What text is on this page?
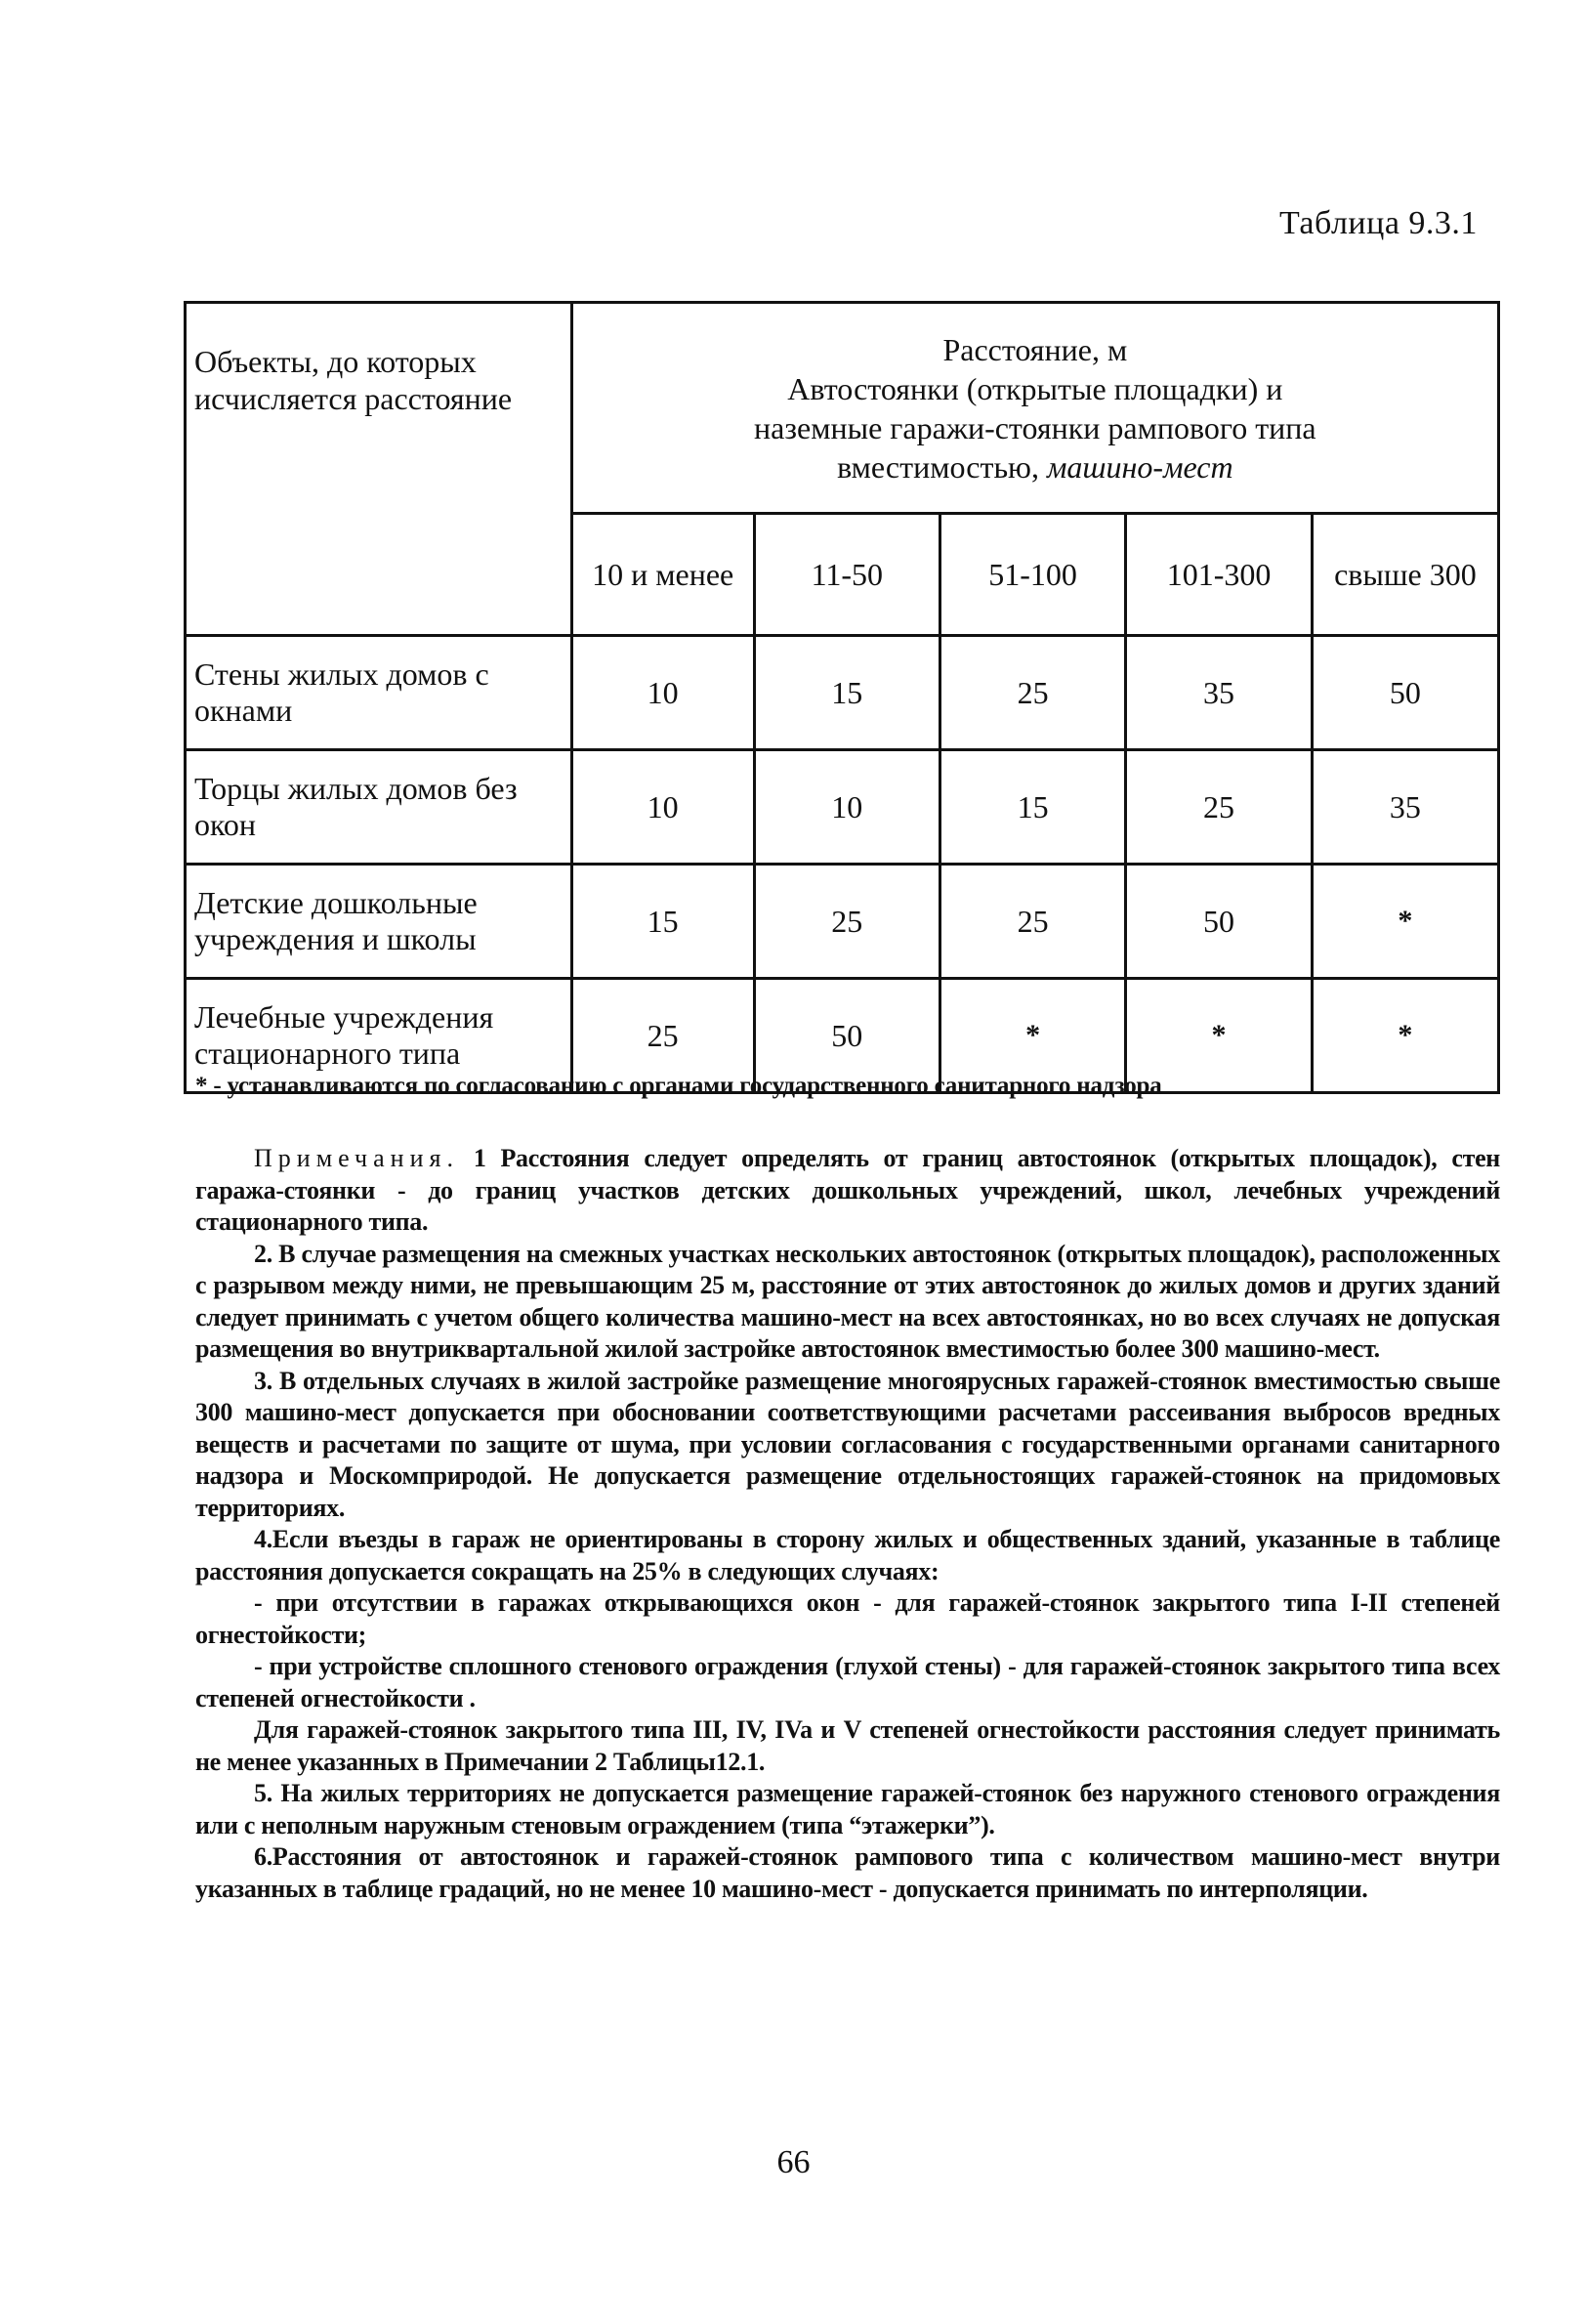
Таблица 9.3.1
Объекты, до которых исчисляется расстояние	Расстояние, м
Автостоянки (открытые площадки) и
наземные гаражи-стоянки рампового типа
вместимостью, машино-мест				

	10 и менее	11-50	51-100	101-300	свыше 300
Стены жилых домов с окнами	10	15	25	35	50
Торцы жилых домов без окон	10	10	15	25	35
Детские дошкольные учреждения и школы	15	25	25	50	*
Лечебные учреждения стационарного типа	25	50	*	*	*
* - устанавливаются по согласованию с органами государственного санитарного надзора

Примечания. 1 Расстояния следует определять от границ автостоянок (открытых площадок), стен гаража-стоянки - до границ участков детских дошкольных учреждений, школ, лечебных учреждений стационарного типа.

2. В случае размещения на смежных участках нескольких автостоянок (открытых площадок), расположенных с разрывом между ними, не превышающим 25 м, расстояние от этих автостоянок до жилых домов и других зданий следует принимать с учетом общего количества машино-мест на всех автостоянках, но во всех случаях не допуская размещения во внутриквартальной жилой застройке автостоянок вместимостью более 300 машино-мест.

3. В отдельных случаях в жилой застройке размещение многоярусных гаражей-стоянок вместимостью свыше 300 машино-мест допускается при обосновании соответствующими расчетами рассеивания выбросов вредных веществ и расчетами по защите от шума, при условии согласования с государственными органами санитарного надзора и Москомприродой. Не допускается размещение отдельностоящих гаражей-стоянок на придомовых территориях.

4.Если въезды в гараж не ориентированы в сторону жилых и общественных зданий, указанные в таблице расстояния допускается сокращать на 25% в следующих случаях:

- при отсутствии в гаражах открывающихся окон - для гаражей-стоянок закрытого типа I-II степеней огнестойкости;

- при устройстве сплошного стенового ограждения (глухой стены) - для гаражей-стоянок закрытого типа всех степеней огнестойкости .

Для гаражей-стоянок закрытого типа III, IV, IVa и V степеней огнестойкости расстояния следует принимать не менее указанных в Примечании 2 Таблицы12.1.

5. На жилых территориях не допускается размещение гаражей-стоянок без наружного стенового ограждения или с неполным наружным стеновым ограждением (типа “этажерки”).

6.Расстояния от автостоянок и гаражей-стоянок рампового типа с количеством машино-мест внутри указанных в таблице градаций, но не менее 10 машино-мест - допускается принимать по интерполяции.

66
